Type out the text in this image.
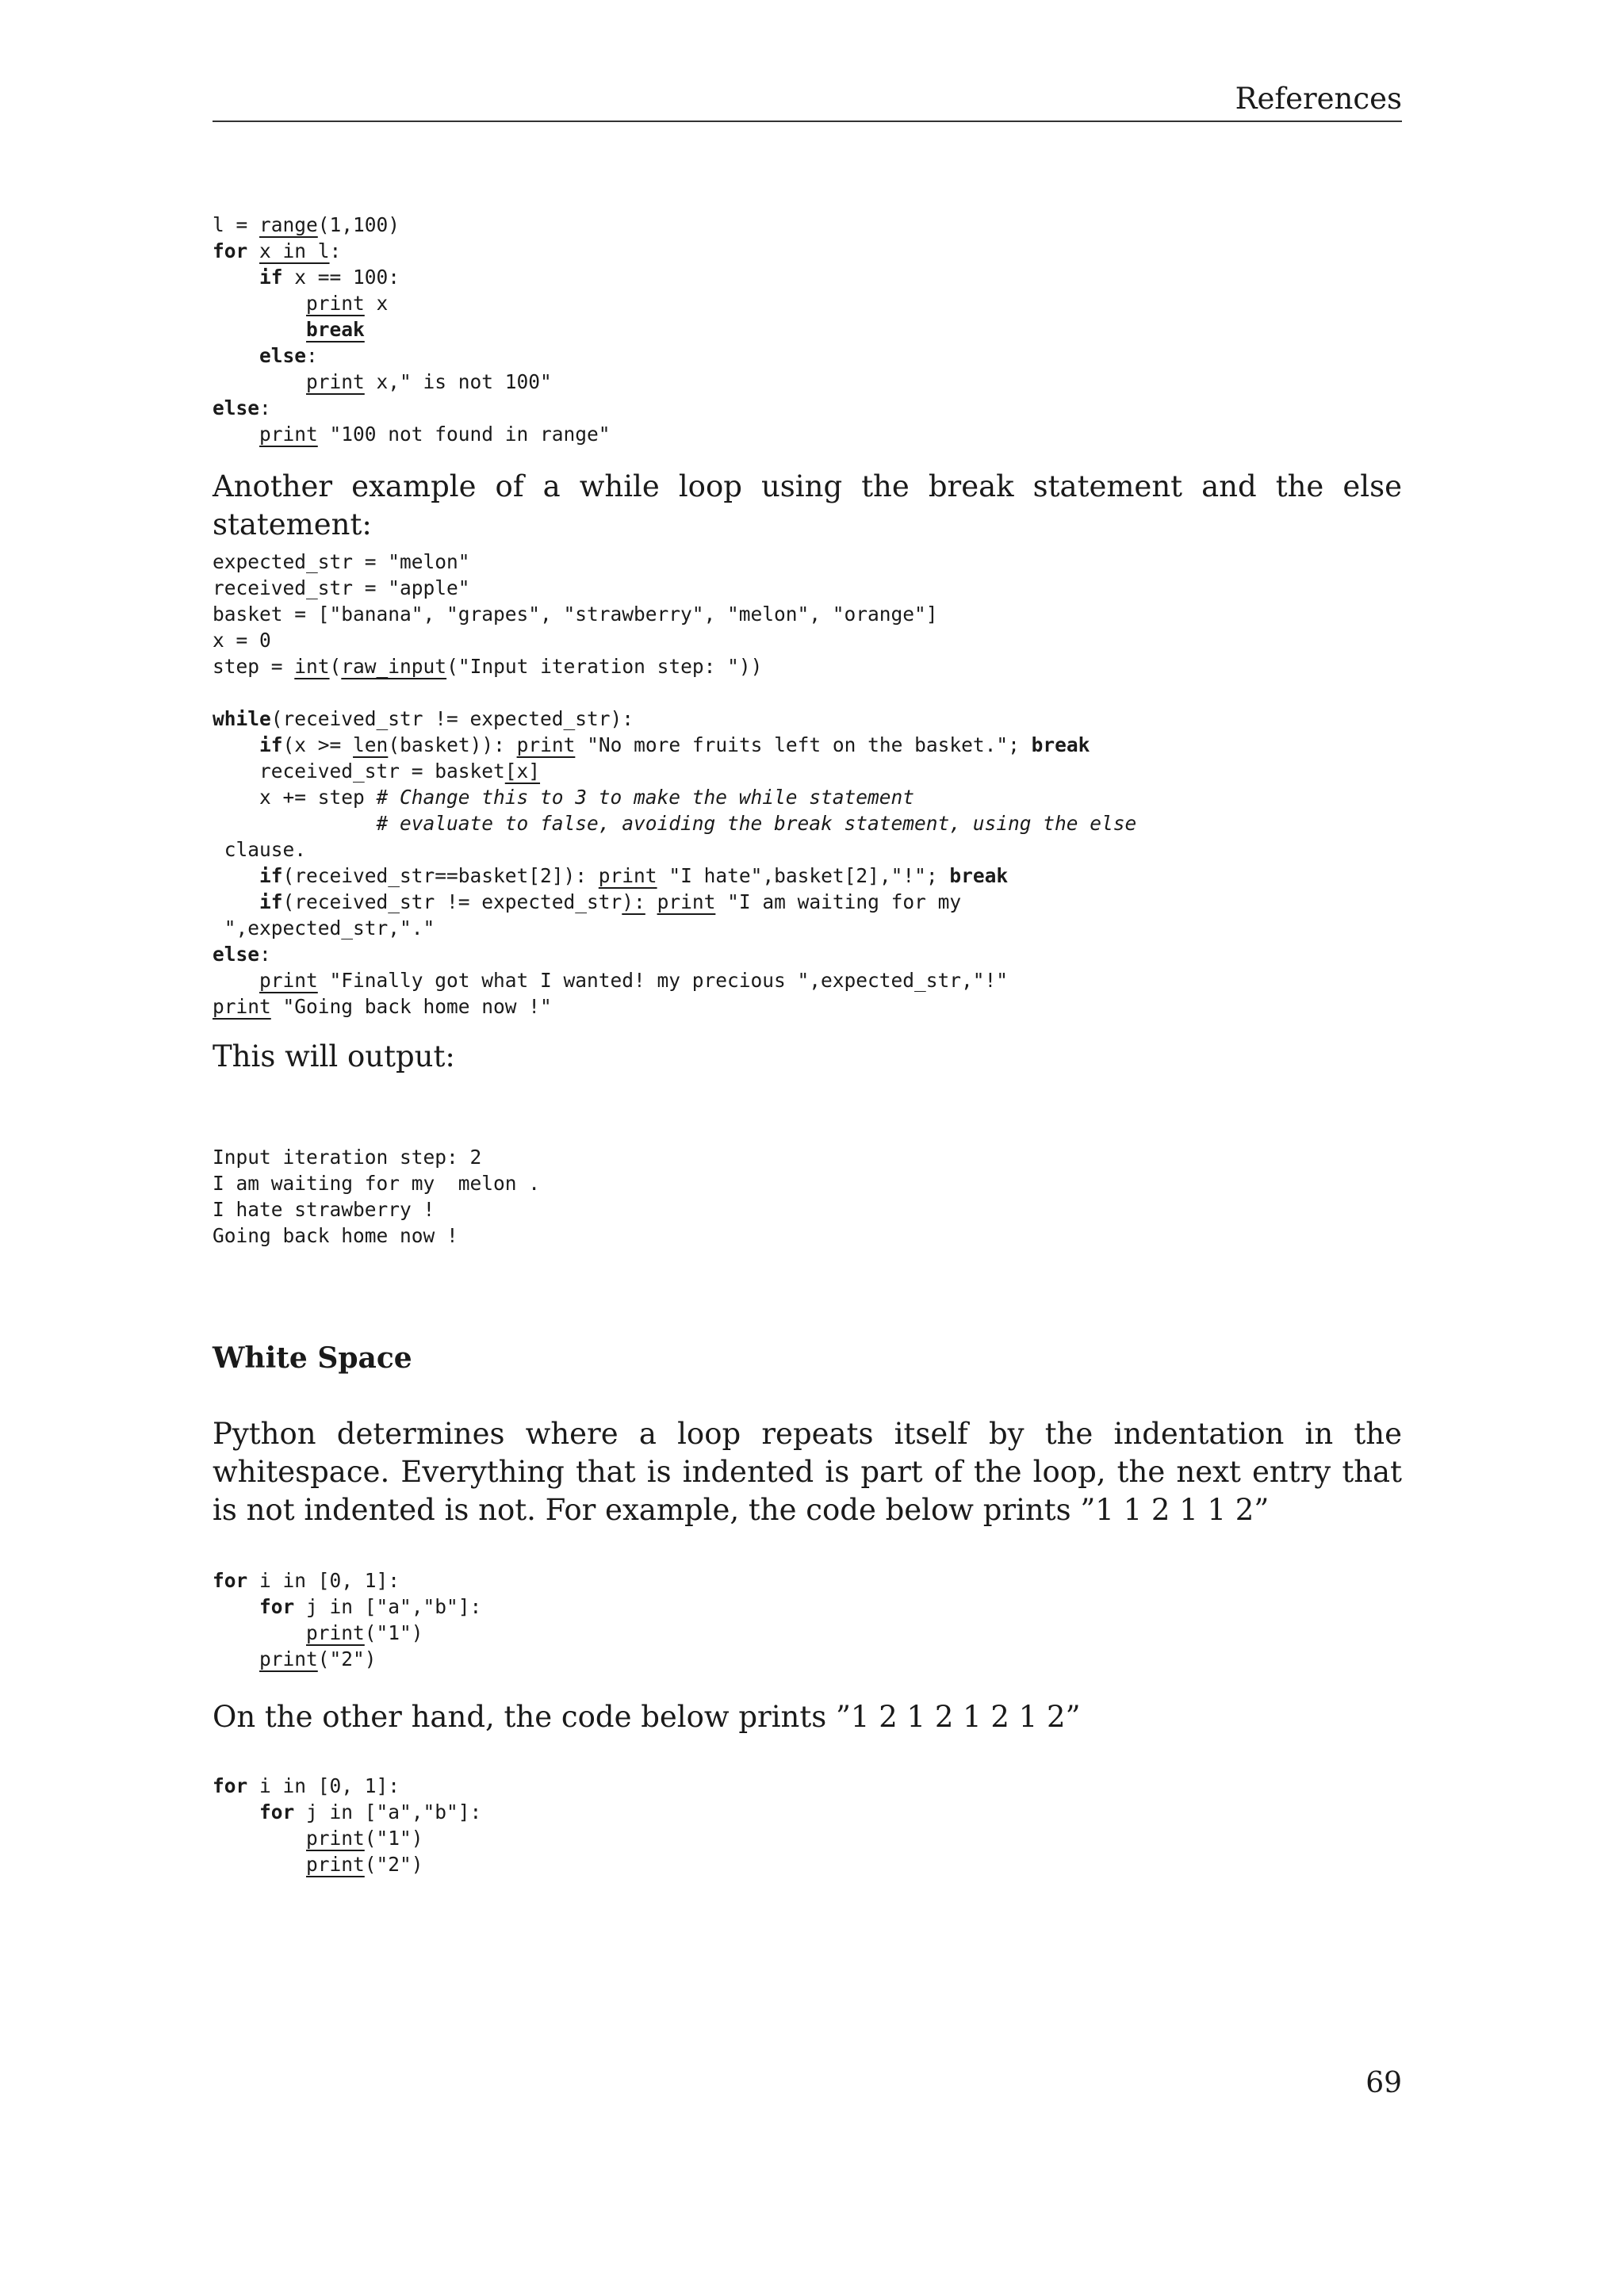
References
l = range(1,100)
for x in l:
if x == 100:
print x
break
else:
print x," is not 100"
else:
print "100 not found in range"

Another example of a while loop using the break statement and the else statement:

expected_str = "melon"
received_str = "apple"
basket = ["banana", "grapes", "strawberry", "melon", "orange"]
x = 0
step = int(raw_input("Input iteration step: "))

while(received_str != expected_str):
if(x >= len(basket)): print "No more fruits left on the basket."; break
received_str = basket[x]
x += step # Change this to 3 to make the while statement
# evaluate to false, avoiding the break statement, using the else
clause.
if(received_str==basket[2]): print "I hate",basket[2],"!"; break
if(received_str != expected_str): print "I am waiting for my
",expected_str,"."
else:
print "Finally got what I wanted! my precious ",expected_str,"!"
print "Going back home now !"

This will output:

Input iteration step: 2
I am waiting for my  melon .
I hate strawberry !
Going back home now !
White Space

Python determines where a loop repeats itself by the indentation in the whitespace. Everything that is indented is part of the loop, the next entry that is not indented is not. For example, the code below prints ”1 1 2 1 1 2”

for i in [0, 1]:
for j in ["a","b"]:
print("1")
print("2")

On the other hand, the code below prints ”1 2 1 2 1 2 1 2”

for i in [0, 1]:
for j in ["a","b"]:
print("1")
print("2")
69
